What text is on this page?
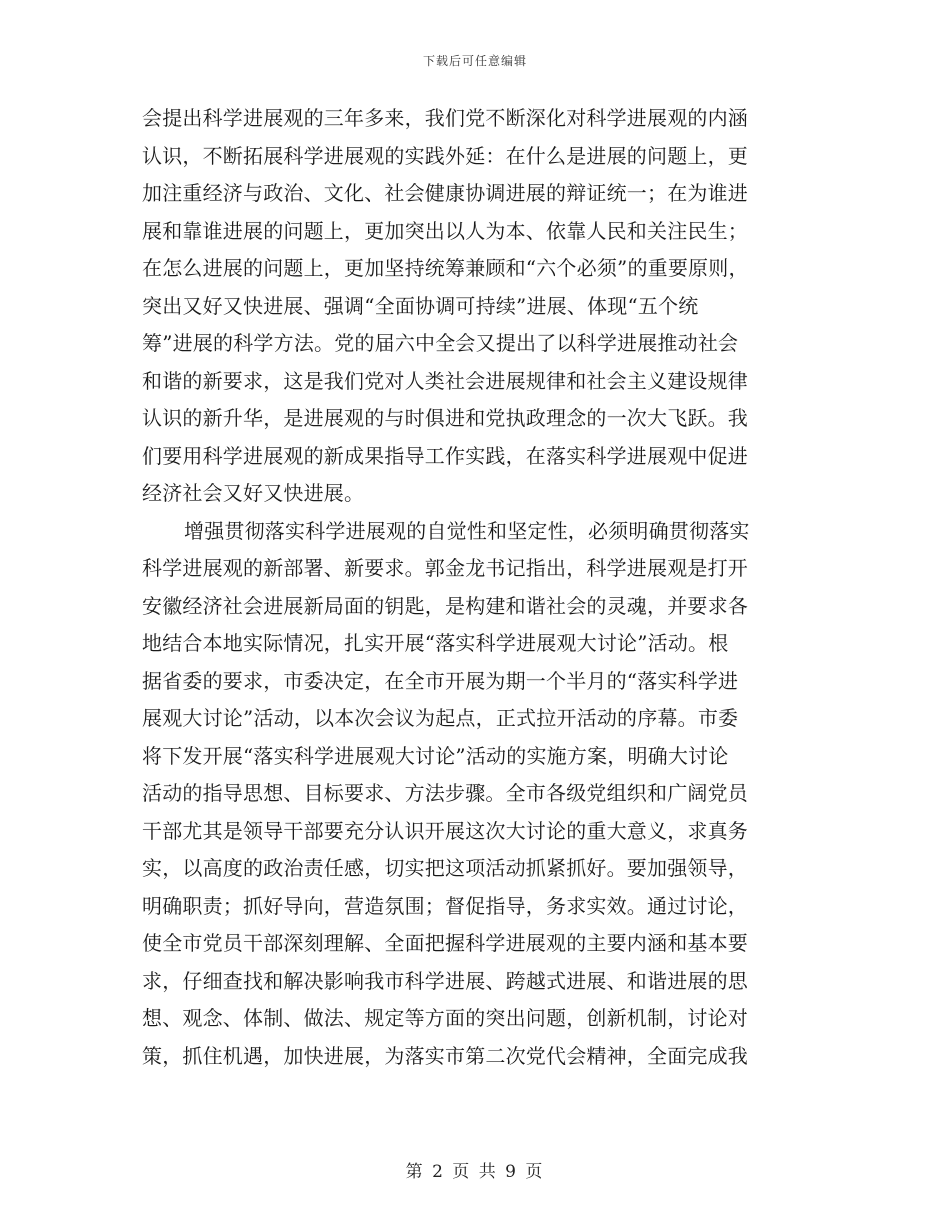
下载后可任意编辑
会提出科学进展观的三年多来，我们党不断深化对科学进展观的内涵
认识，不断拓展科学进展观的实践外延：在什么是进展的问题上，更
加注重经济与政治、文化、社会健康协调进展的辩证统一；在为谁进
展和靠谁进展的问题上，更加突出以人为本、依靠人民和关注民生；
在怎么进展的问题上，更加坚持统筹兼顾和“六个必须”的重要原则，
突出又好又快进展、强调“全面协调可持续”进展、体现“五个统
筹”进展的科学方法。党的届六中全会又提出了以科学进展推动社会
和谐的新要求，这是我们党对人类社会进展规律和社会主义建设规律
认识的新升华，是进展观的与时俱进和党执政理念的一次大飞跃。我
们要用科学进展观的新成果指导工作实践，在落实科学进展观中促进
经济社会又好又快进展。
增强贯彻落实科学进展观的自觉性和坚定性，必须明确贯彻落实
科学进展观的新部署、新要求。郭金龙书记指出，科学进展观是打开
安徽经济社会进展新局面的钥匙，是构建和谐社会的灵魂，并要求各
地结合本地实际情况，扎实开展“落实科学进展观大讨论”活动。根
据省委的要求，市委决定，在全市开展为期一个半月的“落实科学进
展观大讨论”活动，以本次会议为起点，正式拉开活动的序幕。市委
将下发开展“落实科学进展观大讨论”活动的实施方案，明确大讨论
活动的指导思想、目标要求、方法步骤。全市各级党组织和广阔党员
干部尤其是领导干部要充分认识开展这次大讨论的重大意义，求真务
实，以高度的政治责任感，切实把这项活动抓紧抓好。要加强领导，
明确职责；抓好导向，营造氛围；督促指导，务求实效。通过讨论，
使全市党员干部深刻理解、全面把握科学进展观的主要内涵和基本要
求，仔细查找和解决影响我市科学进展、跨越式进展、和谐进展的思
想、观念、体制、做法、规定等方面的突出问题，创新机制，讨论对
策，抓住机遇，加快进展，为落实市第二次党代会精神，全面完成我
第 2 页 共 9 页
